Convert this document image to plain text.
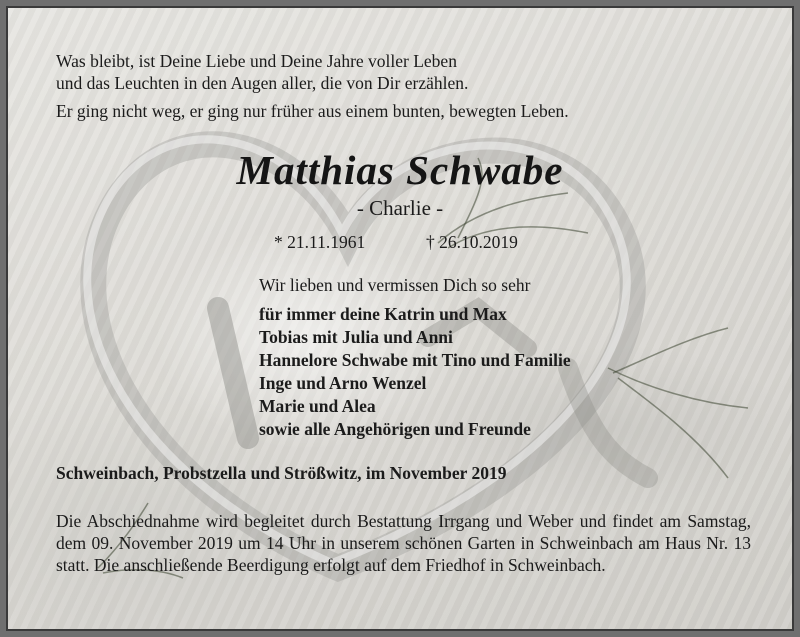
Was bleibt, ist Deine Liebe und Deine Jahre voller Leben

und das Leuchten in den Augen aller, die von Dir erzählen.

Er ging nicht weg, er ging nur früher aus einem bunten, bewegten Leben.

Matthias Schwabe

- Charlie -

* 21.11.1961	† 26.10.2019

Wir lieben und vermissen Dich so sehr

für immer deine Katrin und Max

Tobias mit Julia und Anni

Hannelore Schwabe mit Tino und Familie

Inge und Arno Wenzel

Marie und Alea

sowie alle Angehörigen und Freunde

Schweinbach, Probstzella und Strößwitz, im November 2019

Die Abschiednahme wird begleitet durch Bestattung Irrgang und Weber und findet am Samstag, dem 09. November 2019 um 14 Uhr in unserem schönen Garten in Schweinbach am Haus Nr. 13 statt. Die anschließende Beerdigung erfolgt auf dem Friedhof in Schweinbach.
